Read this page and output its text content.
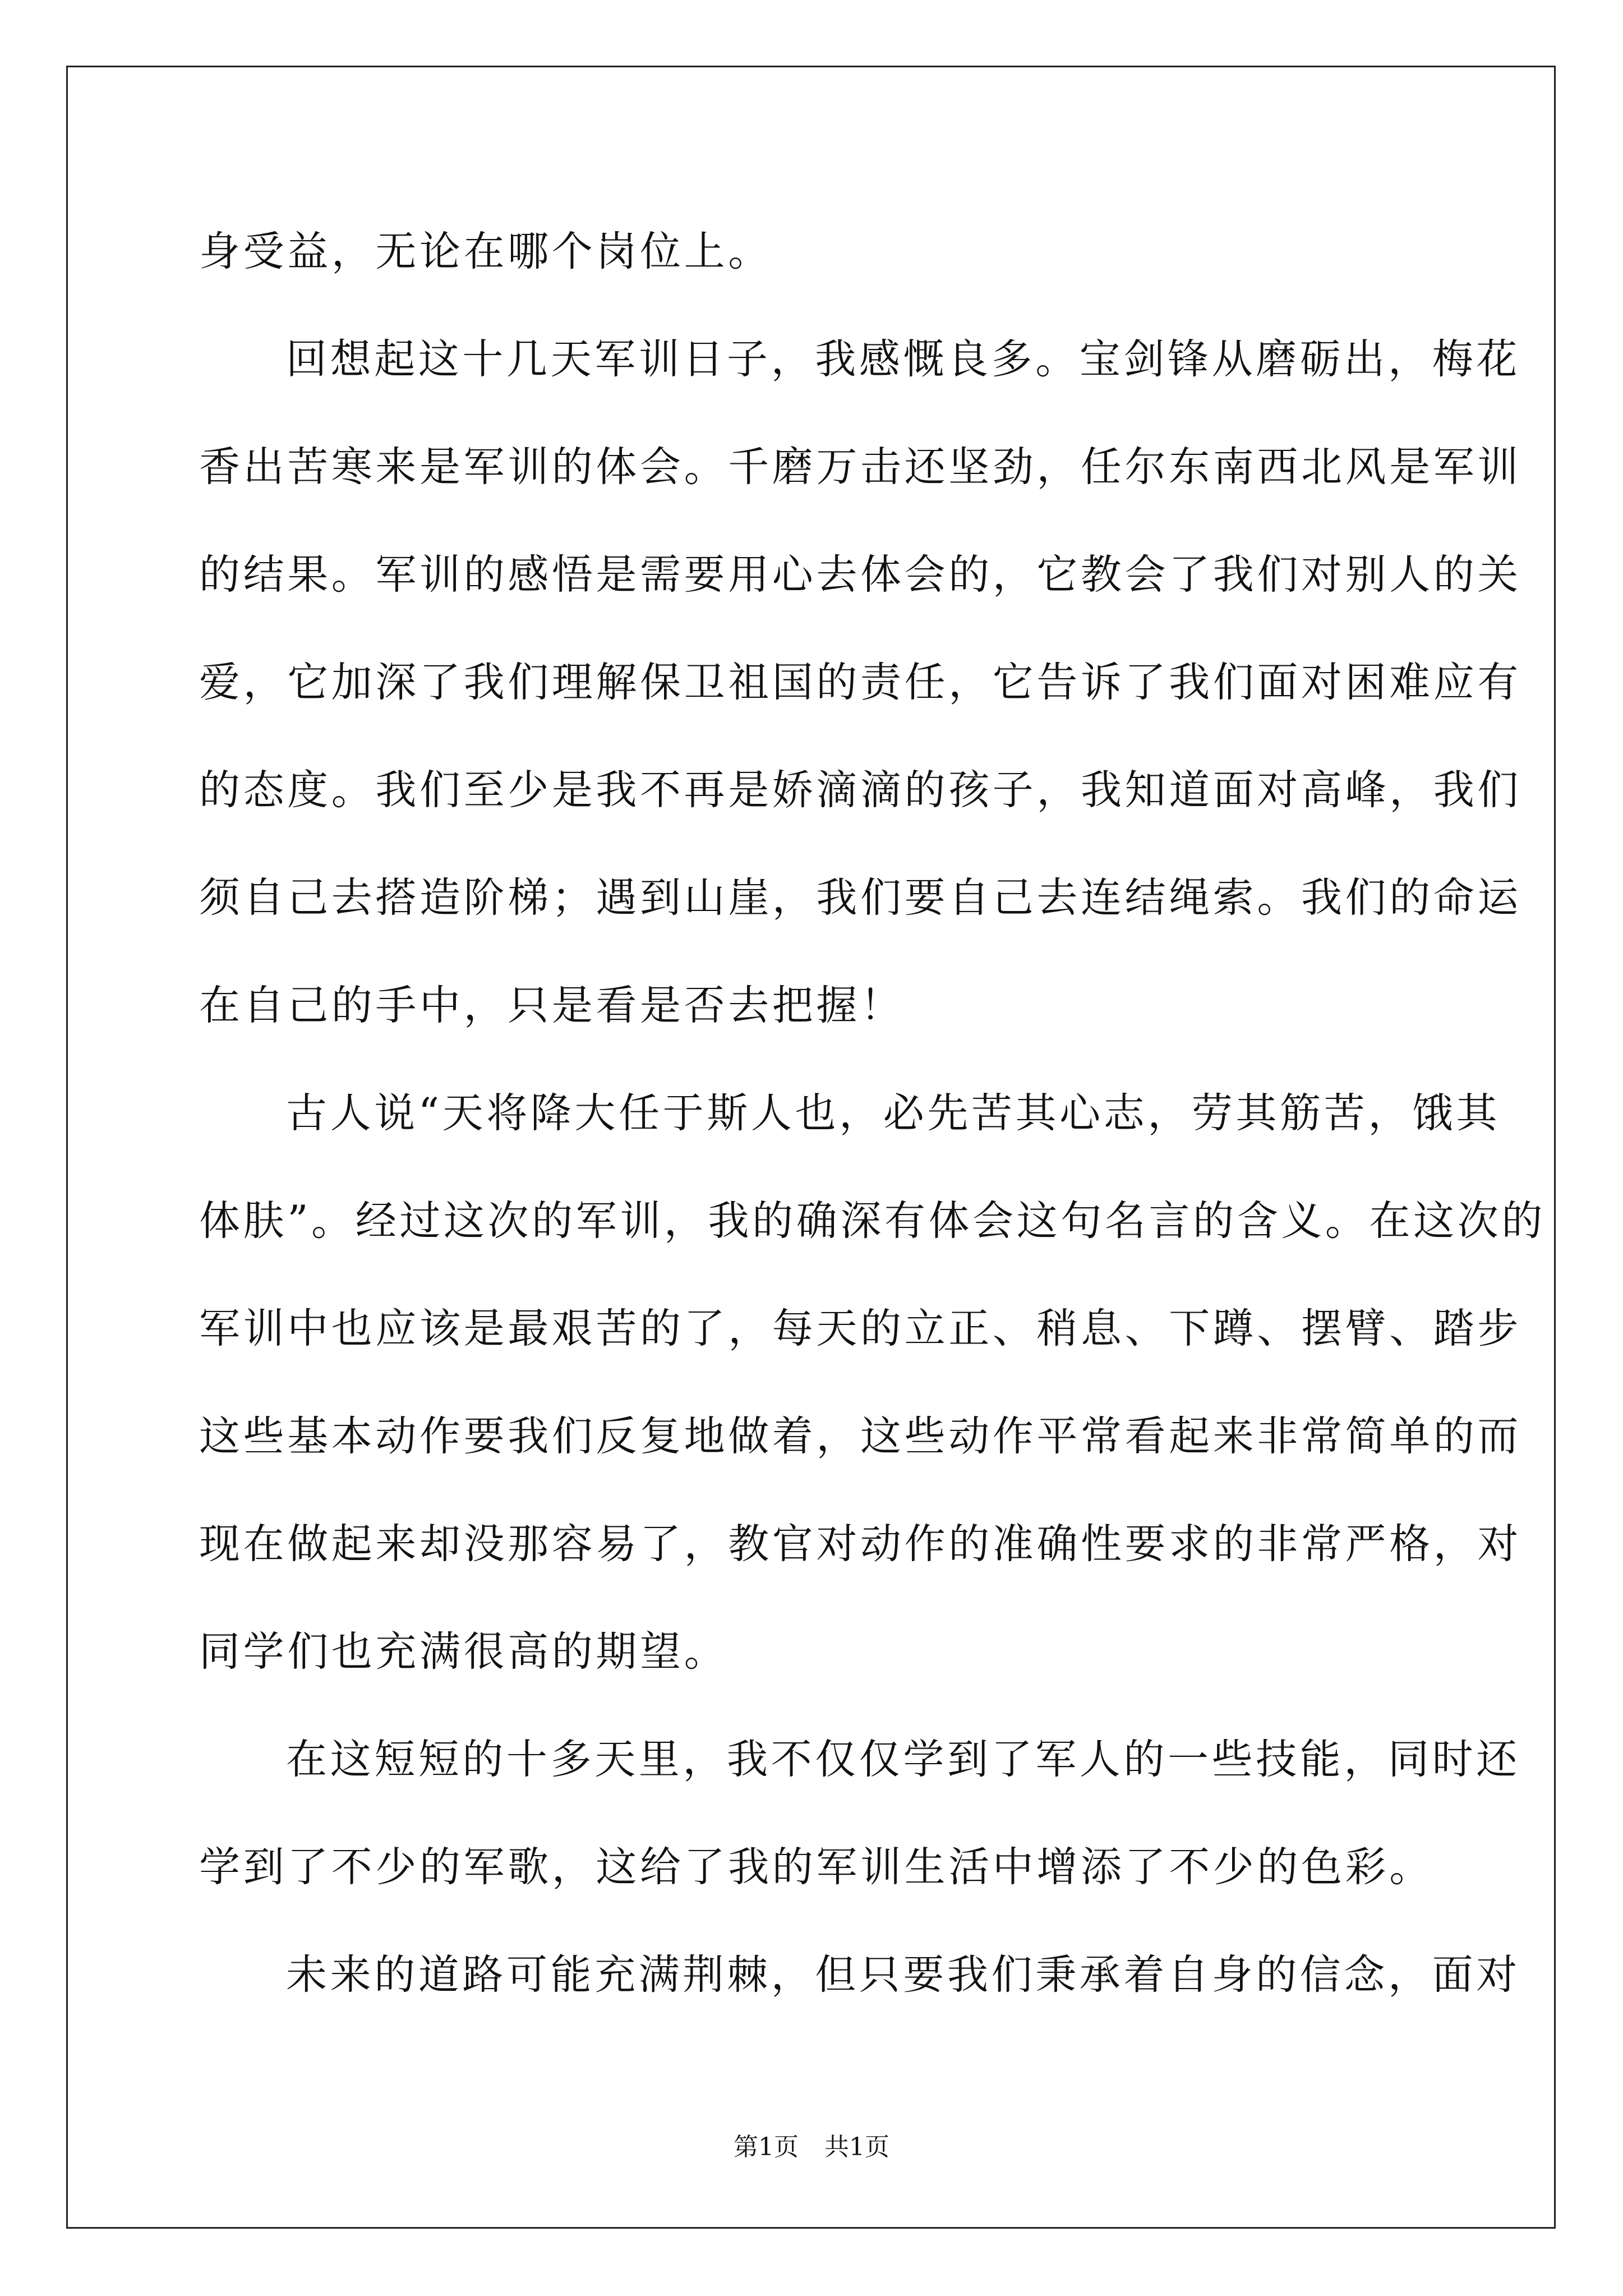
身受益，无论在哪个岗位上。
回想起这十几天军训日子，我感慨良多。宝剑锋从磨砺出，梅花
香出苦寒来是军训的体会。千磨万击还坚劲，任尔东南西北风是军训
的结果。军训的感悟是需要用心去体会的，它教会了我们对别人的关
爱，它加深了我们理解保卫祖国的责任，它告诉了我们面对困难应有
的态度。我们至少是我不再是娇滴滴的孩子，我知道面对高峰，我们
须自己去搭造阶梯；遇到山崖，我们要自己去连结绳索。我们的命运
在自己的手中，只是看是否去把握！
古人说“天将降大任于斯人也，必先苦其心志，劳其筋苦，饿其
体肤”。经过这次的军训，我的确深有体会这句名言的含义。在这次的
军训中也应该是最艰苦的了，每天的立正、稍息、下蹲、摆臂、踏步
这些基本动作要我们反复地做着，这些动作平常看起来非常简单的而
现在做起来却没那容易了，教官对动作的准确性要求的非常严格，对
同学们也充满很高的期望。
在这短短的十多天里，我不仅仅学到了军人的一些技能，同时还
学到了不少的军歌，这给了我的军训生活中增添了不少的色彩。
未来的道路可能充满荆棘，但只要我们秉承着自身的信念，面对
第1页 共1页
